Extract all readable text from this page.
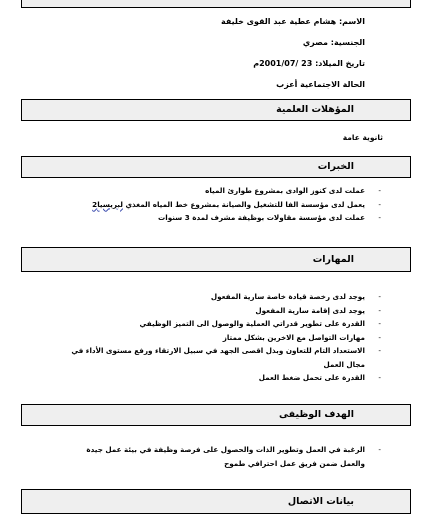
الاسم: هشام عطية عبد القوى خليفة
الجنسية: مصري
تاريخ الميلاد: 23 /2001/07م
الحالة الاجتماعية أعزب
المؤهلات العلمية
ثانوية عامة
الخبرات
- عملت لدى كنوز الوادى بمشروع طوارئ المياه
- يعمل لدى مؤسسة الفا للتشغيل والصيانة بمشروع خط المياه المغذي لبريسيا2
- عملت لدى مؤسسة مقاولات بوظيفة مشرف لمدة 3 سنوات
المهارات
- يوجد لدى رخصة قيادة خاصة سارية المفعول
- يوجد لدى إقامة سارية المفعول
- القدرة على تطوير قدراتي العملية والوصول الى التميز الوظيفي
- مهارات التواصل مع الاخرين بشكل ممتاز
- الاستعداد التام للتعاون وبذل اقصى الجهد في سبيل الارتقاء ورفع مستوى الأداء في مجال العمل
- القدرة على تحمل ضغط العمل
الهدف الوظيفى
- الرغبة في العمل وتطوير الذات والحصول على فرصة وظيفة في بيئة عمل جيدة والعمل ضمن فريق عمل احترافي طموح
بيانات الاتصال
